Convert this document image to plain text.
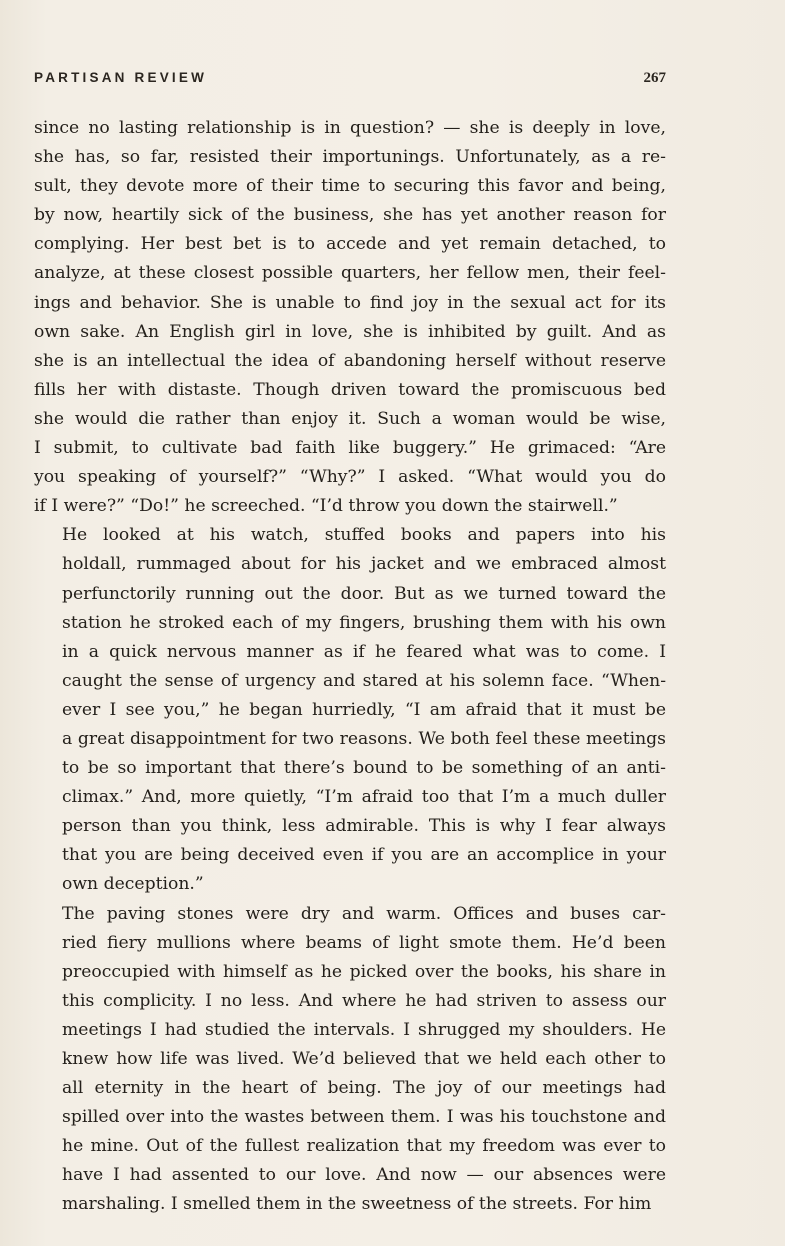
PARTISAN REVIEW	267
since no lasting relationship is in question? — she is deeply in love,
she has, so far, resisted their importunings. Unfortunately, as a re-
sult, they devote more of their time to securing this favor and being,
by now, heartily sick of the business, she has yet another reason for
complying. Her best bet is to accede and yet remain detached, to
analyze, at these closest possible quarters, her fellow men, their feel-
ings and behavior. She is unable to find joy in the sexual act for its
own sake. An English girl in love, she is inhibited by guilt. And as
she is an intellectual the idea of abandoning herself without reserve
fills her with distaste. Though driven toward the promiscuous bed
she would die rather than enjoy it. Such a woman would be wise,
I submit, to cultivate bad faith like buggery.” He grimaced: “Are
you speaking of yourself?” “Why?” I asked. “What would you do
if I were?” “Do!” he screeched. “I’d throw you down the stairwell.”
He looked at his watch, stuffed books and papers into his
holdall, rummaged about for his jacket and we embraced almost
perfunctorily running out the door. But as we turned toward the
station he stroked each of my fingers, brushing them with his own
in a quick nervous manner as if he feared what was to come. I
caught the sense of urgency and stared at his solemn face. “When-
ever I see you,” he began hurriedly, “I am afraid that it must be
a great disappointment for two reasons. We both feel these meetings
to be so important that there’s bound to be something of an anti-
climax.” And, more quietly, “I’m afraid too that I’m a much duller
person than you think, less admirable. This is why I fear always
that you are being deceived even if you are an accomplice in your
own deception.”
The paving stones were dry and warm. Offices and buses car-
ried fiery mullions where beams of light smote them. He’d been
preoccupied with himself as he picked over the books, his share in
this complicity. I no less. And where he had striven to assess our
meetings I had studied the intervals. I shrugged my shoulders. He
knew how life was lived. We’d believed that we held each other to
all eternity in the heart of being. The joy of our meetings had
spilled over into the wastes between them. I was his touchstone and
he mine. Out of the fullest realization that my freedom was ever to
have I had assented to our love. And now — our absences were
marshaling. I smelled them in the sweetness of the streets. For him
